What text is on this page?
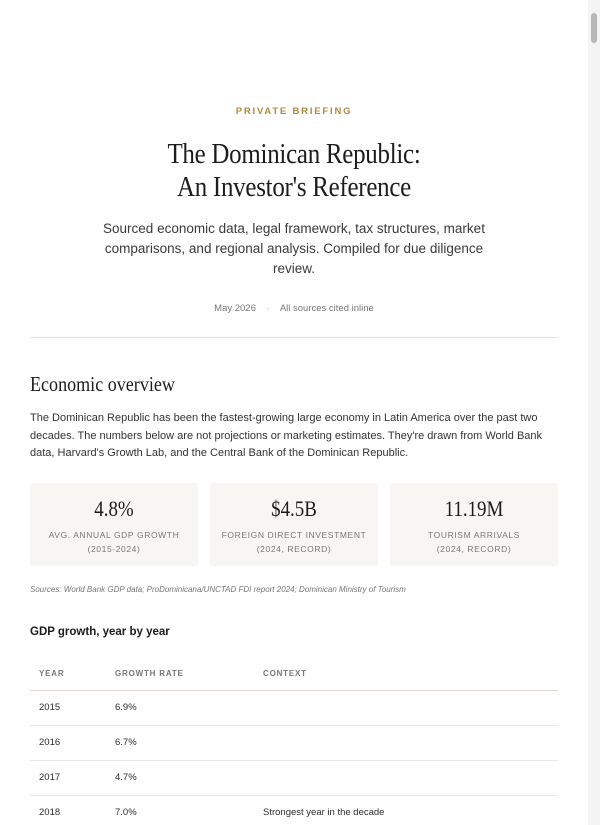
PRIVATE BRIEFING
The Dominican Republic:
An Investor's Reference
Sourced economic data, legal framework, tax structures, market comparisons, and regional analysis. Compiled for due diligence review.
May 2026 · All sources cited inline
Economic overview
The Dominican Republic has been the fastest-growing large economy in Latin America over the past two decades. The numbers below are not projections or marketing estimates. They're drawn from World Bank data, Harvard's Growth Lab, and the Central Bank of the Dominican Republic.
4.8%
AVG. ANNUAL GDP GROWTH
(2015-2024)
$4.5B
FOREIGN DIRECT INVESTMENT
(2024, RECORD)
11.19M
TOURISM ARRIVALS
(2024, RECORD)
Sources: World Bank GDP data; ProDominicana/UNCTAD FDI report 2024; Dominican Ministry of Tourism
GDP growth, year by year
YEAR	GROWTH RATE	CONTEXT
2015	6.9%	
2016	6.7%	
2017	4.7%	
2018	7.0%	Strongest year in the decade
